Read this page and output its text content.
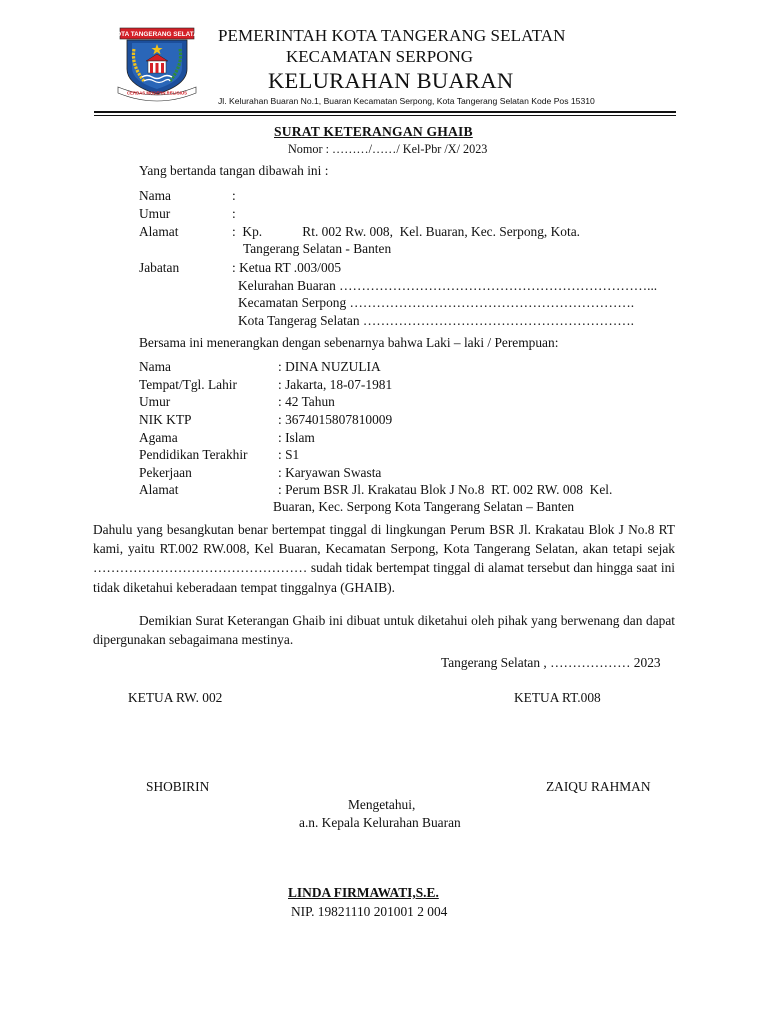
KOTA TANGERANG SELATAN
CERDAS MODERN RELIGIUS
PEMERINTAH KOTA TANGERANG SELATAN
KECAMATAN SERPONG
KELURAHAN BUARAN
Jl. Kelurahan Buaran No.1, Buaran Kecamatan Serpong, Kota Tangerang Selatan Kode Pos 15310
SURAT KETERANGAN GHAIB
Nomor : ………/……/ Kel-Pbr /X/ 2023
Yang bertanda tangan dibawah ini :
Nama	:
Umur	:
Alamat	:  Kp.            Rt. 002 Rw. 008,  Kel. Buaran, Kec. Serpong, Kota.
Tangerang Selatan - Banten
Jabatan	: Ketua RT .003/005
Kelurahan Buaran ……………………………………………………………...
Kecamatan Serpong ……………………………………………………….
Kota Tangerag Selatan …………………………………………………….
Bersama ini menerangkan dengan sebenarnya bahwa Laki – laki / Perempuan:
Nama	: DINA NUZULIA
Tempat/Tgl. Lahir	: Jakarta, 18-07-1981
Umur	: 42 Tahun
NIK KTP	: 3674015807810009
Agama	: Islam
Pendidikan Terakhir : S1
Pekerjaan	: Karyawan Swasta
Alamat	: Perum BSR Jl. Krakatau Blok J No.8  RT. 002 RW. 008  Kel.
Buaran, Kec. Serpong Kota Tangerang Selatan – Banten
Dahulu yang besangkutan benar bertempat tinggal di lingkungan Perum BSR Jl. Krakatau Blok J No.8 RT kami, yaitu RT.002 RW.008, Kel Buaran, Kecamatan Serpong, Kota Tangerang Selatan, akan tetapi sejak ………………………………………… sudah tidak bertempat tinggal di alamat tersebut dan hingga saat ini tidak diketahui keberadaan tempat tinggalnya (GHAIB).
Demikian Surat Keterangan Ghaib ini dibuat untuk diketahui oleh pihak yang berwenang dan dapat dipergunakan sebagaimana mestinya.
Tangerang Selatan , ……………… 2023
KETUA RW. 002	KETUA RT.008
SHOBIRIN	ZAIQU RAHMAN
Mengetahui,
a.n. Kepala Kelurahan Buaran
LINDA FIRMAWATI,S.E.
NIP. 19821110 201001 2 004
